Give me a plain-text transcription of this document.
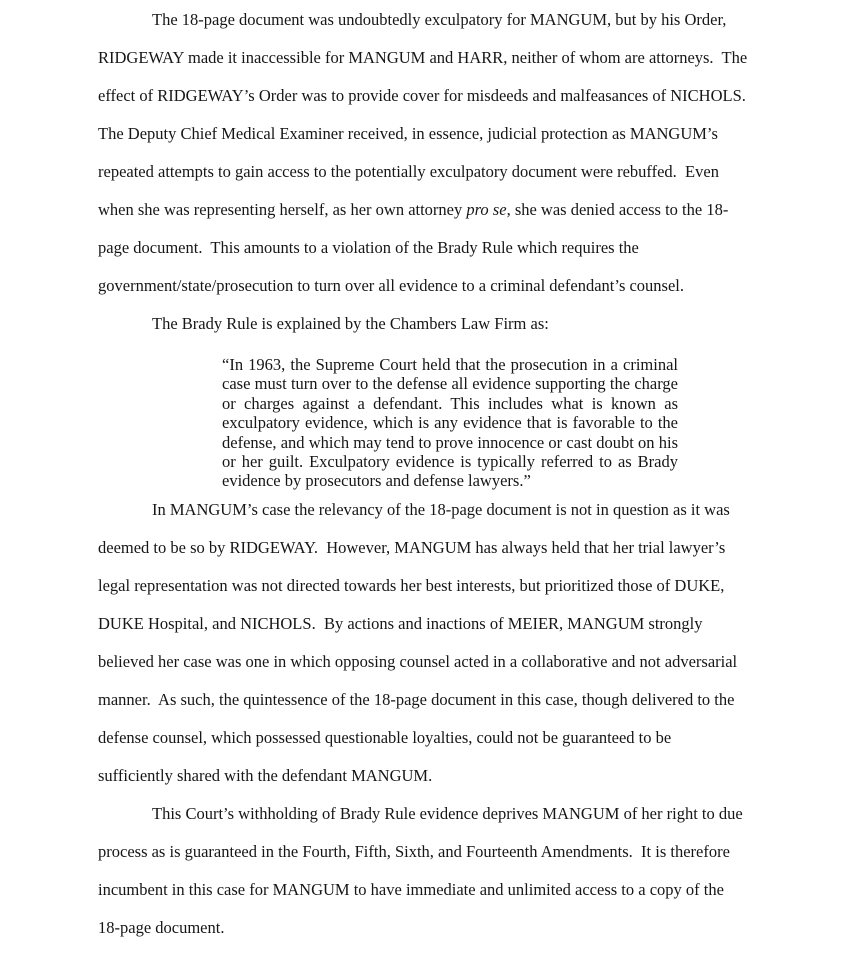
The 18-page document was undoubtedly exculpatory for MANGUM, but by his Order, RIDGEWAY made it inaccessible for MANGUM and HARR, neither of whom are attorneys.  The effect of RIDGEWAY’s Order was to provide cover for misdeeds and malfeasances of NICHOLS.  The Deputy Chief Medical Examiner received, in essence, judicial protection as MANGUM’s repeated attempts to gain access to the potentially exculpatory document were rebuffed.  Even when she was representing herself, as her own attorney pro se, she was denied access to the 18-page document.  This amounts to a violation of the Brady Rule which requires the government/state/prosecution to turn over all evidence to a criminal defendant’s counsel.

The Brady Rule is explained by the Chambers Law Firm as:

“In 1963, the Supreme Court held that the prosecution in a criminal case must turn over to the defense all evidence supporting the charge or charges against a defendant. This includes what is known as exculpatory evidence, which is any evidence that is favorable to the defense, and which may tend to prove innocence or cast doubt on his or her guilt. Exculpatory evidence is typically referred to as Brady evidence by prosecutors and defense lawyers.”

In MANGUM’s case the relevancy of the 18-page document is not in question as it was deemed to be so by RIDGEWAY.  However, MANGUM has always held that her trial lawyer’s legal representation was not directed towards her best interests, but prioritized those of DUKE, DUKE Hospital, and NICHOLS.  By actions and inactions of MEIER, MANGUM strongly believed her case was one in which opposing counsel acted in a collaborative and not adversarial manner.  As such, the quintessence of the 18-page document in this case, though delivered to the defense counsel, which possessed questionable loyalties, could not be guaranteed to be sufficiently shared with the defendant MANGUM.

This Court’s withholding of Brady Rule evidence deprives MANGUM of her right to due process as is guaranteed in the Fourth, Fifth, Sixth, and Fourteenth Amendments.  It is therefore incumbent in this case for MANGUM to have immediate and unlimited access to a copy of the 18-page document.
